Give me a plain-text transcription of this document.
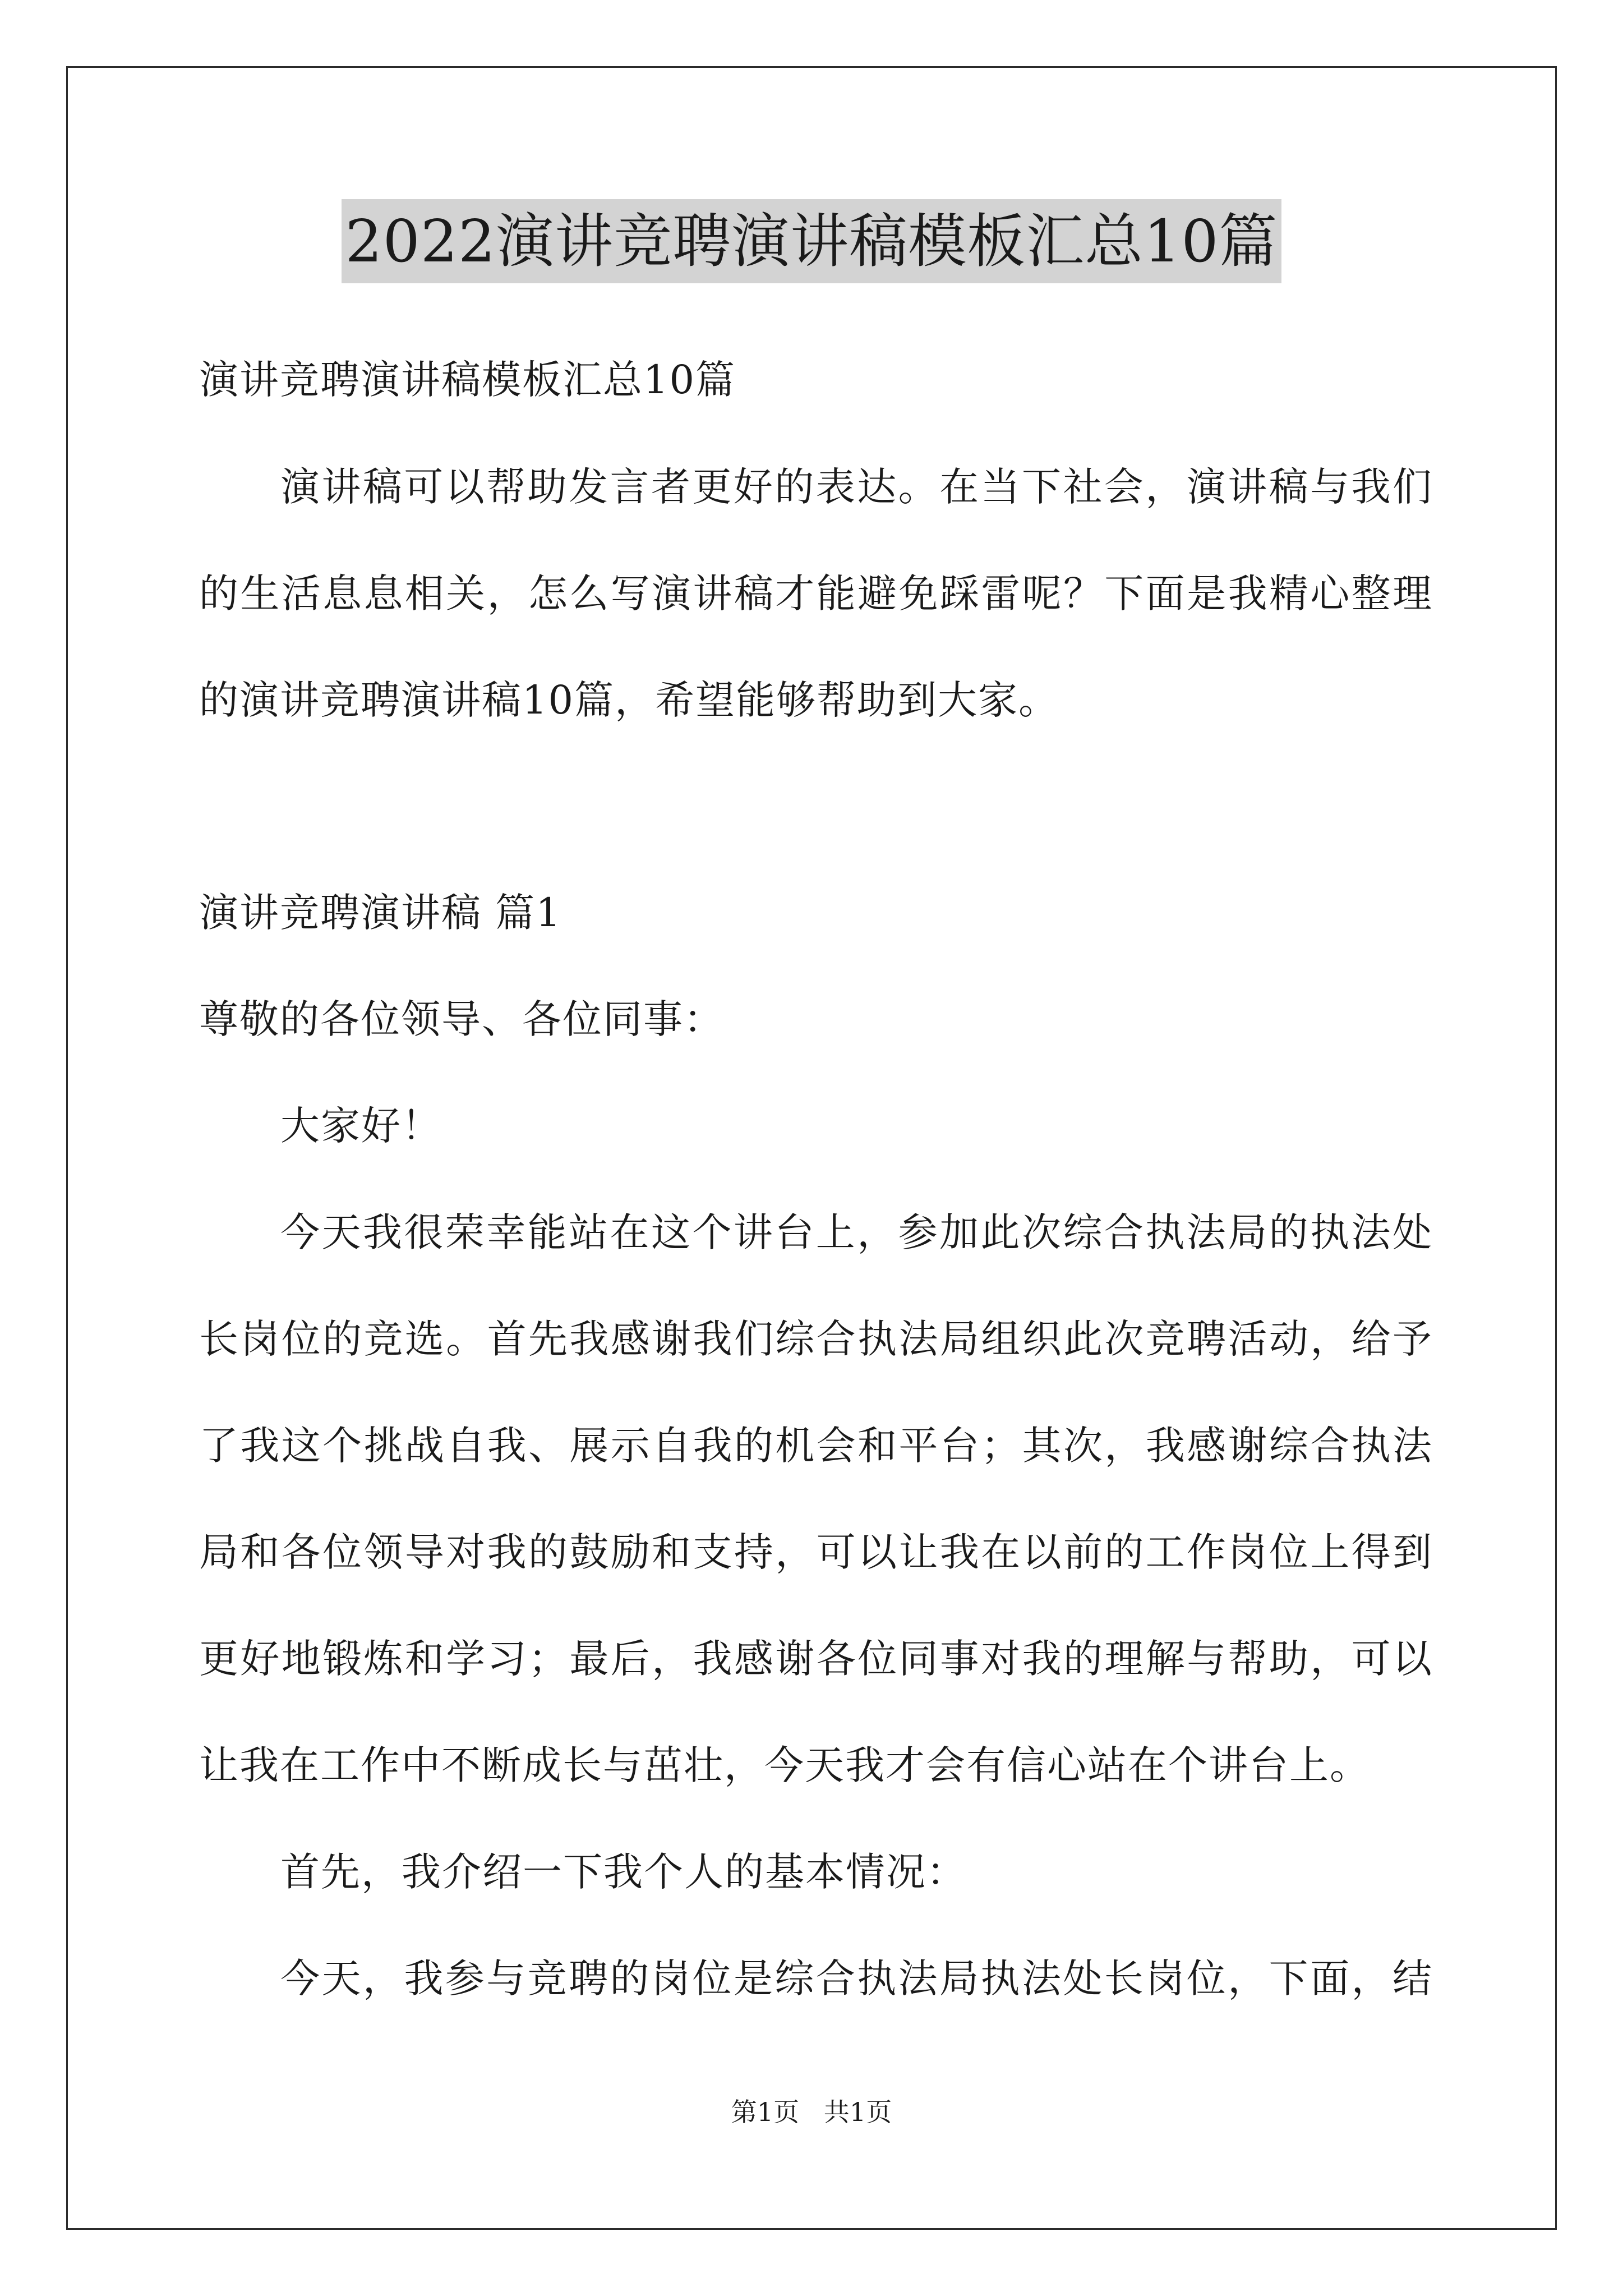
2022演讲竞聘演讲稿模板汇总10篇
演讲竞聘演讲稿模板汇总10篇
演讲稿可以帮助发言者更好的表达。在当下社会，演讲稿与我们
的生活息息相关，怎么写演讲稿才能避免踩雷呢？下面是我精心整理
的演讲竞聘演讲稿10篇，希望能够帮助到大家。
演讲竞聘演讲稿 篇1
尊敬的各位领导、各位同事：
大家好！
今天我很荣幸能站在这个讲台上，参加此次综合执法局的执法处
长岗位的竞选。首先我感谢我们综合执法局组织此次竞聘活动，给予
了我这个挑战自我、展示自我的机会和平台；其次，我感谢综合执法
局和各位领导对我的鼓励和支持，可以让我在以前的工作岗位上得到
更好地锻炼和学习；最后，我感谢各位同事对我的理解与帮助，可以
让我在工作中不断成长与茁壮，今天我才会有信心站在个讲台上。
首先，我介绍一下我个人的基本情况：
今天，我参与竞聘的岗位是综合执法局执法处长岗位，下面，结
第1页   共1页
